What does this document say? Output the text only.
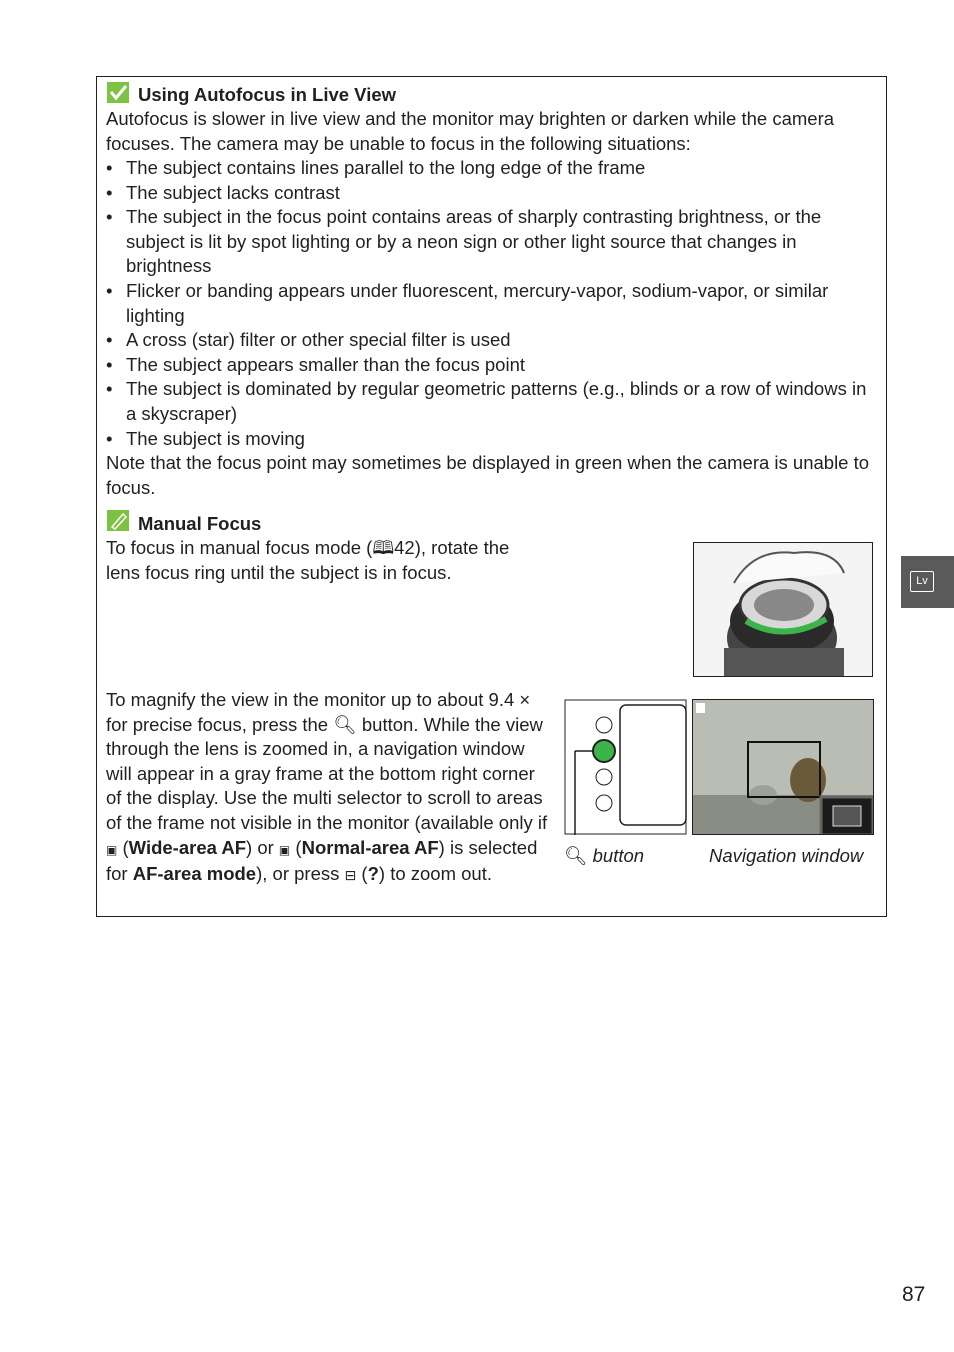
Using Autofocus in Live View
Autofocus is slower in live view and the monitor may brighten or darken while the camera focuses. The camera may be unable to focus in the following situations:
• The subject contains lines parallel to the long edge of the frame
• The subject lacks contrast
• The subject in the focus point contains areas of sharply contrasting brightness, or the subject is lit by spot lighting or by a neon sign or other light source that changes in brightness
• Flicker or banding appears under fluorescent, mercury-vapor, sodium-vapor, or similar lighting
• A cross (star) filter or other special filter is used
• The subject appears smaller than the focus point
• The subject is dominated by regular geometric patterns (e.g., blinds or a row of windows in a skyscraper)
• The subject is moving
Note that the focus point may sometimes be displayed in green when the camera is unable to focus.
Manual Focus
To focus in manual focus mode (🕮42), rotate the lens focus ring until the subject is in focus.
To magnify the view in the monitor up to about 9.4 × for precise focus, press the 🔍︎ button. While the view through the lens is zoomed in, a navigation window will appear in a gray frame at the bottom right corner of the display. Use the multi selector to scroll to areas of the frame not visible in the monitor (available only if ▣ (Wide-area AF) or ▣ (Normal-area AF) is selected for AF-area mode), or press ⊟ (?) to zoom out.
🔍︎ button	Navigation window
Lv
87
